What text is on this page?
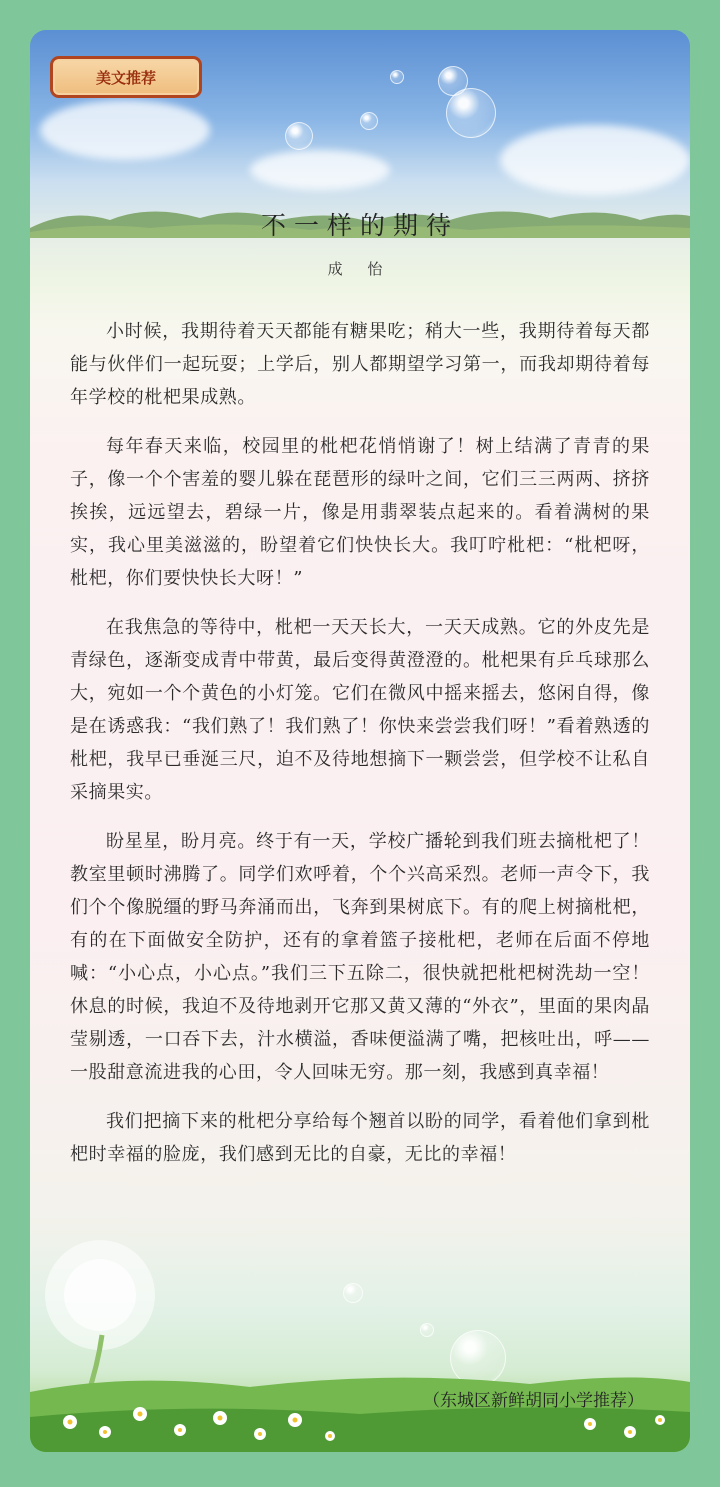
美文推荐
不一样的期待
成 怡

小时候，我期待着天天都能有糖果吃；稍大一些，我期待着每天都能与伙伴们一起玩耍；上学后，别人都期望学习第一，而我却期待着每年学校的枇杷果成熟。

每年春天来临，校园里的枇杷花悄悄谢了！树上结满了青青的果子，像一个个害羞的婴儿躲在琵琶形的绿叶之间，它们三三两两、挤挤挨挨，远远望去，碧绿一片，像是用翡翠装点起来的。看着满树的果实，我心里美滋滋的，盼望着它们快快长大。我叮咛枇杷：“枇杷呀，枇杷，你们要快快长大呀！”

在我焦急的等待中，枇杷一天天长大，一天天成熟。它的外皮先是青绿色，逐渐变成青中带黄，最后变得黄澄澄的。枇杷果有乒乓球那么大，宛如一个个黄色的小灯笼。它们在微风中摇来摇去，悠闲自得，像是在诱惑我：“我们熟了！我们熟了！你快来尝尝我们呀！”看着熟透的枇杷，我早已垂涎三尺，迫不及待地想摘下一颗尝尝，但学校不让私自采摘果实。

盼星星，盼月亮。终于有一天，学校广播轮到我们班去摘枇杷了！教室里顿时沸腾了。同学们欢呼着，个个兴高采烈。老师一声令下，我们个个像脱缰的野马奔涌而出，飞奔到果树底下。有的爬上树摘枇杷，有的在下面做安全防护，还有的拿着篮子接枇杷，老师在后面不停地喊：“小心点，小心点。”我们三下五除二，很快就把枇杷树洗劫一空！休息的时候，我迫不及待地剥开它那又黄又薄的“外衣”，里面的果肉晶莹剔透，一口吞下去，汁水横溢，香味便溢满了嘴，把核吐出，呼——一股甜意流进我的心田，令人回味无穷。那一刻，我感到真幸福！

我们把摘下来的枇杷分享给每个翘首以盼的同学，看着他们拿到枇杷时幸福的脸庞，我们感到无比的自豪，无比的幸福！

（东城区新鲜胡同小学推荐）
